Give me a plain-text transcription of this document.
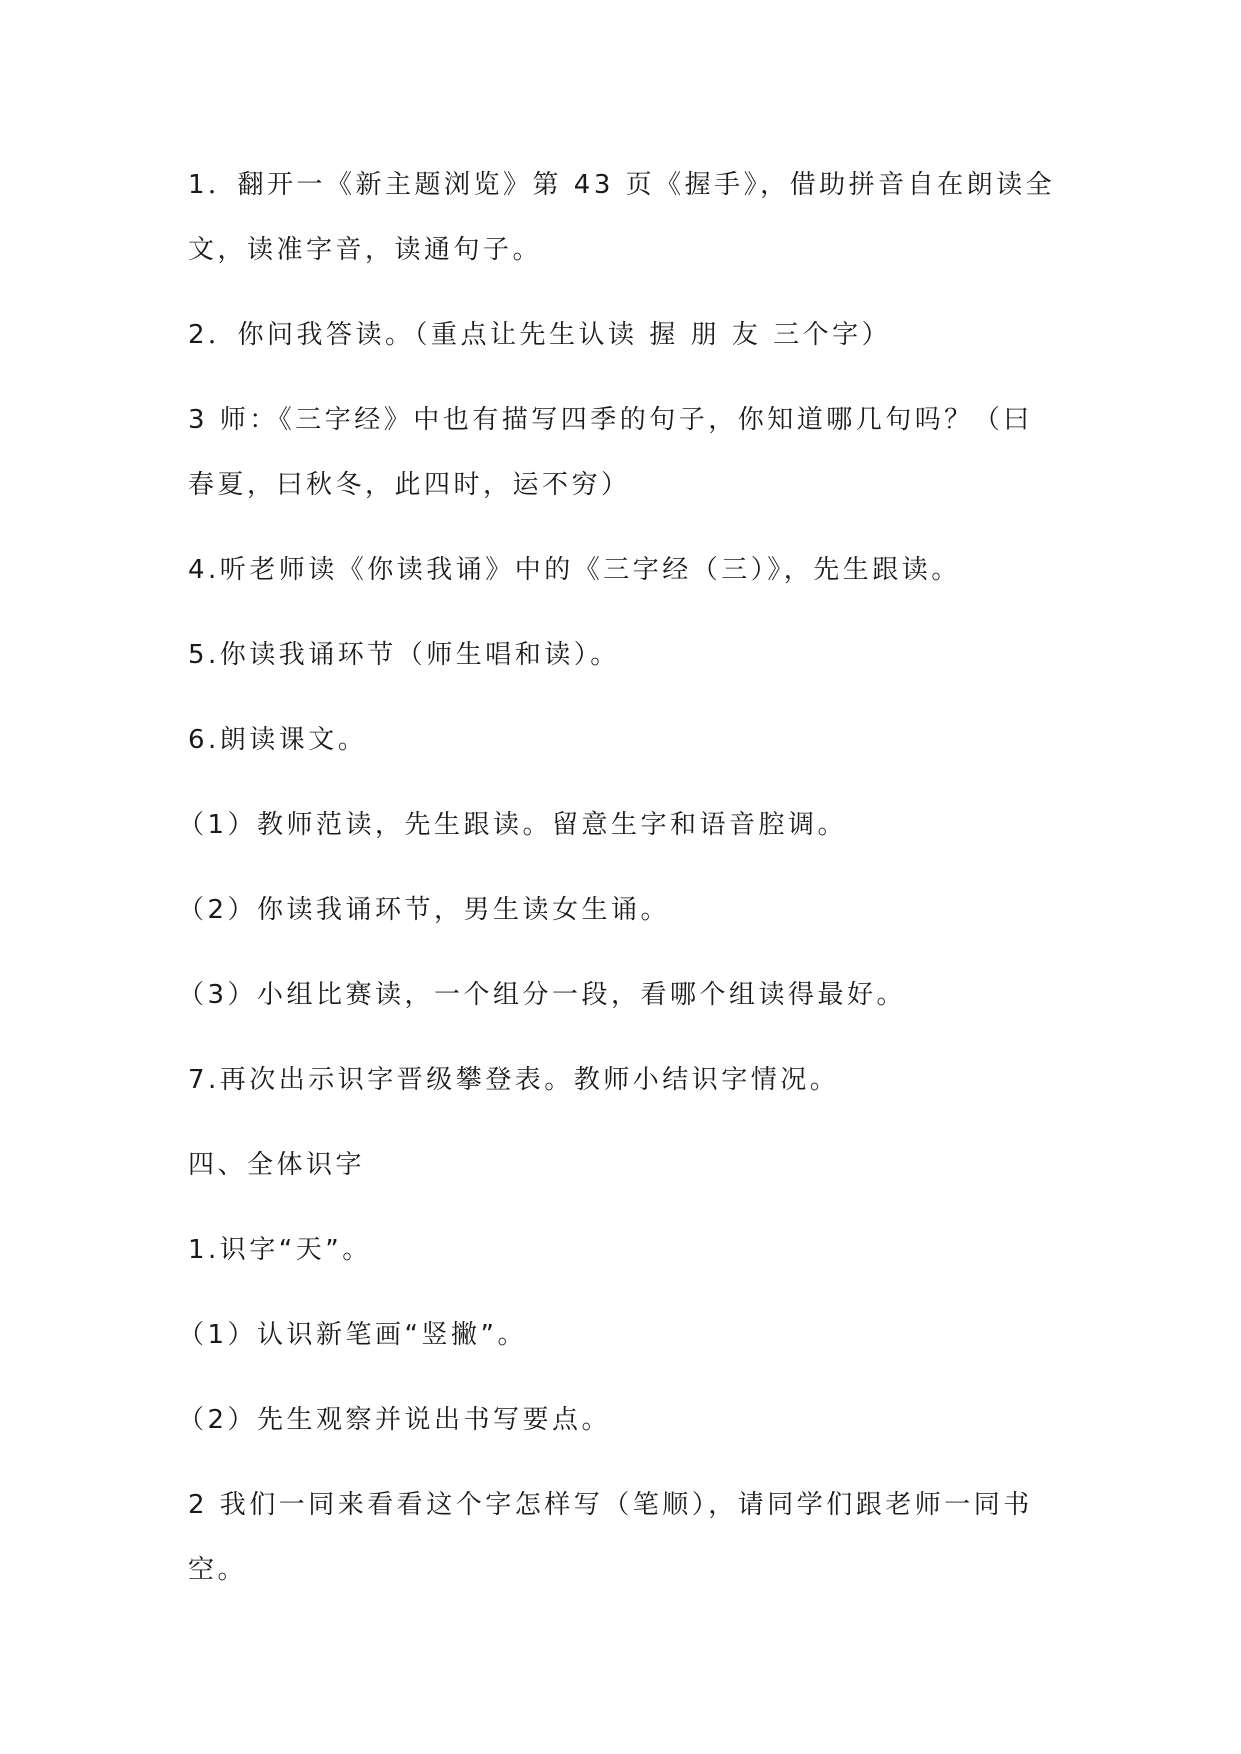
1．翻开一《新主题浏览》第 43 页《握手》，借助拼音自在朗读全文，读准字音，读通句子。

2．你问我答读。（重点让先生认读 握 朋 友 三个字）

3 师：《三字经》中也有描写四季的句子，你知道哪几句吗？（曰春夏，曰秋冬，此四时，运不穷）

4.听老师读《你读我诵》中的《三字经（三）》，先生跟读。

5.你读我诵环节（师生唱和读）。

6.朗读课文。

（1）教师范读，先生跟读。留意生字和语音腔调。

（2）你读我诵环节，男生读女生诵。

（3）小组比赛读，一个组分一段，看哪个组读得最好。

7.再次出示识字晋级攀登表。教师小结识字情况。

四、全体识字

1.识字“天”。

（1）认识新笔画“竖撇”。

（2）先生观察并说出书写要点。

2 我们一同来看看这个字怎样写（笔顺），请同学们跟老师一同书空。
